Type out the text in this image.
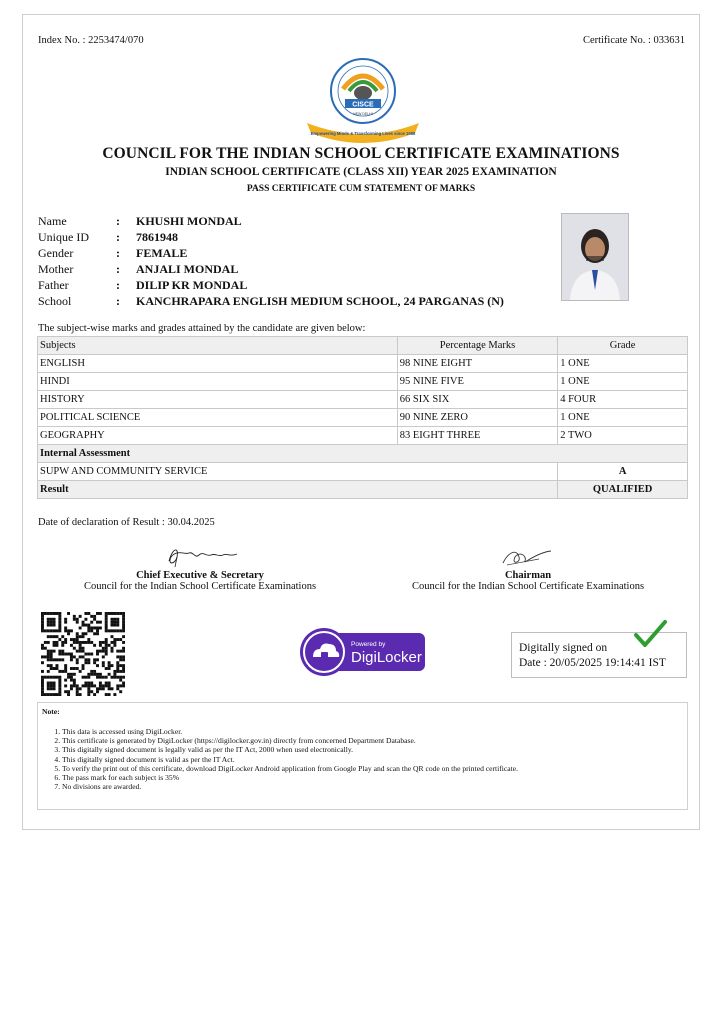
Index No. : 2253474/070	Certificate No. : 033631
CISCE
NEW DELHI
Empowering Minds & Transforming Lives since 1958
COUNCIL FOR THE INDIAN SCHOOL CERTIFICATE EXAMINATIONS
INDIAN SCHOOL CERTIFICATE (CLASS XII) YEAR 2025 EXAMINATION
PASS CERTIFICATE CUM STATEMENT OF MARKS
Name	: KHUSHI MONDAL
Unique ID : 7861948
Gender	: FEMALE
Mother	: ANJALI MONDAL
Father	: DILIP KR MONDAL
School	: KANCHRAPARA ENGLISH MEDIUM SCHOOL, 24 PARGANAS (N)
The subject-wise marks and grades attained by the candidate are given below:
Subjects	Percentage Marks	Grade
ENGLISH	98 NINE EIGHT	1 ONE
HINDI	95 NINE FIVE	1 ONE
HISTORY	66 SIX SIX	4 FOUR
POLITICAL SCIENCE	90 NINE ZERO	1 ONE
GEOGRAPHY	83 EIGHT THREE	2 TWO
Internal Assessment		
SUPW AND COMMUNITY SERVICE		A
Result		QUALIFIED
Date of declaration of Result : 30.04.2025
Chief Executive & Secretary
Council for the Indian School Certificate Examinations
Chairman
Council for the Indian School Certificate Examinations
Powered by
DigiLocker
Digitally signed on
Date : 20/05/2025 19:14:41 IST
Note:
1. This data is accessed using DigiLocker.
2. This certificate is generated by DigiLocker (https://digilocker.gov.in) directly from concerned Department Database.
3. This digitally signed document is legally valid as per the IT Act, 2000 when used electronically.
4. This digitally signed document is valid as per the IT Act.
5. To verify the print out of this certificate, download DigiLocker Android application from Google Play and scan the QR code on the printed certificate.
6. The pass mark for each subject is 35%
7. No divisions are awarded.
